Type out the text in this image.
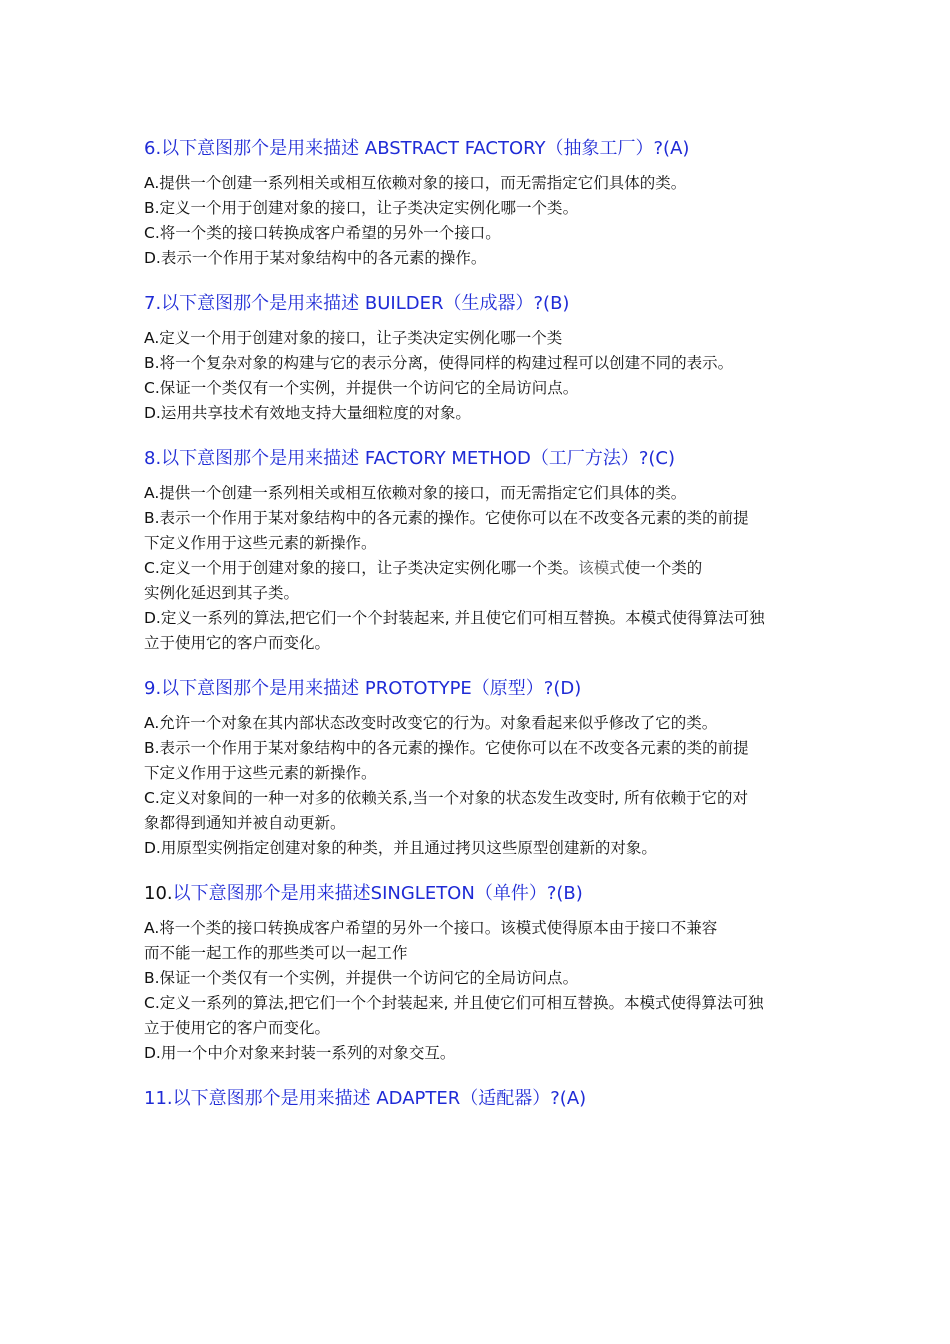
6.以下意图那个是用来描述 ABSTRACT FACTORY（抽象工厂）?(A)
A.提供一个创建一系列相关或相互依赖对象的接口，而无需指定它们具体的类。
B.定义一个用于创建对象的接口，让子类决定实例化哪一个类。
C.将一个类的接口转换成客户希望的另外一个接口。
D.表示一个作用于某对象结构中的各元素的操作。
7.以下意图那个是用来描述 BUILDER（生成器）?(B)
A.定义一个用于创建对象的接口，让子类决定实例化哪一个类
B.将一个复杂对象的构建与它的表示分离，使得同样的构建过程可以创建不同的表示。
C.保证一个类仅有一个实例，并提供一个访问它的全局访问点。
D.运用共享技术有效地支持大量细粒度的对象。
8.以下意图那个是用来描述 FACTORY METHOD（工厂方法）?(C)
A.提供一个创建一系列相关或相互依赖对象的接口，而无需指定它们具体的类。
B.表示一个作用于某对象结构中的各元素的操作。它使你可以在不改变各元素的类的前提
下定义作用于这些元素的新操作。
C.定义一个用于创建对象的接口，让子类决定实例化哪一个类。该模式使一个类的
实例化延迟到其子类。
D.定义一系列的算法,把它们一个个封装起来, 并且使它们可相互替换。本模式使得算法可独
立于使用它的客户而变化。
9.以下意图那个是用来描述 PROTOTYPE（原型）?(D)
A.允许一个对象在其内部状态改变时改变它的行为。对象看起来似乎修改了它的类。
B.表示一个作用于某对象结构中的各元素的操作。它使你可以在不改变各元素的类的前提
下定义作用于这些元素的新操作。
C.定义对象间的一种一对多的依赖关系,当一个对象的状态发生改变时, 所有依赖于它的对
象都得到通知并被自动更新。
D.用原型实例指定创建对象的种类，并且通过拷贝这些原型创建新的对象。
10.以下意图那个是用来描述SINGLETON（单件）?(B)
A.将一个类的接口转换成客户希望的另外一个接口。该模式使得原本由于接口不兼容
而不能一起工作的那些类可以一起工作
B.保证一个类仅有一个实例，并提供一个访问它的全局访问点。
C.定义一系列的算法,把它们一个个封装起来, 并且使它们可相互替换。本模式使得算法可独
立于使用它的客户而变化。
D.用一个中介对象来封装一系列的对象交互。
11.以下意图那个是用来描述 ADAPTER（适配器）?(A)
